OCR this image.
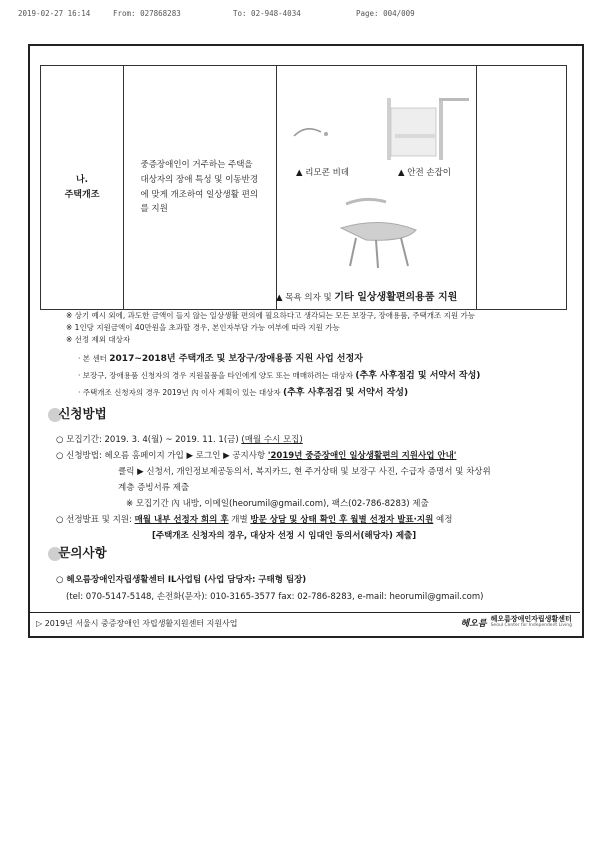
2019-02-27 16:14	From: 027868283	To: 02-948-4034	Page: 004/009
나.
주택개조
중증장애인이 거주하는 주택을 대상자의 장애 특성 및 이동반경에 맞게 개조하여 일상생활 편의를 지원
▲ 리모콘 비데	▲ 안전 손잡이
▲ 목욕 의자 및 기타 일상생활편의용품 지원
※ 상기 예시 외에, 과도한 금액이 들지 않는 일상생활 편의에 필요하다고 생각되는 모든 보장구, 장애용품, 주택개조 지원 가능
※ 1인당 지원금액이 40만원을 초과할 경우, 본인자부담 가능 여부에 따라 지원 가능
※ 선정 제외 대상자
· 본 센터 2017~2018년 주택개조 및 보장구/장애용품 지원 사업 선정자
· 보장구, 장애용품 신청자의 경우 지원물품을 타인에게 양도 또는 매매하려는 대상자 (추후 사후점검 및 서약서 작성)
· 주택개조 신청자의 경우 2019년 內 이사 계획이 있는 대상자 (추후 사후점검 및 서약서 작성)
신청방법
○ 모집기간: 2019. 3. 4(월) ~ 2019. 11. 1(금) (매월 수시 모집)
○ 신청방법: 헤오름 홈페이지 가입 ▶ 로그인 ▶ 공지사항 '2019년 중증장애인 일상생활편의 지원사업 안내'
클릭 ▶ 신청서, 개인정보제공동의서, 복지카드, 현 주거상태 및 보장구 사진, 수급자 증명서 및 차상위
계층 증빙서류 제출
※ 모집기간 內 내방, 이메일(heorumil@gmail.com), 팩스(02-786-8283) 제출
○ 선정발표 및 지원: 매월 내부 선정자 회의 후 개별 방문 상담 및 상태 확인 후 월별 선정자 발표·지원 예정
[주택개조 신청자의 경우, 대상자 선정 시 임대인 동의서(해당자) 제출]
문의사항
○ 헤오름장애인자립생활센터 IL사업팀 (사업 담당자: 구태형 팀장)
(tel: 070-5147-5148, 손전화(문자): 010-3165-3577 fax: 02-786-8283, e-mail: heorumil@gmail.com)
▷ 2019년 서울시 중증장애인 자립생활지원센터 지원사업	헤오름 헤오름장애인자립생활센터
Seoul Center for Independent Living
